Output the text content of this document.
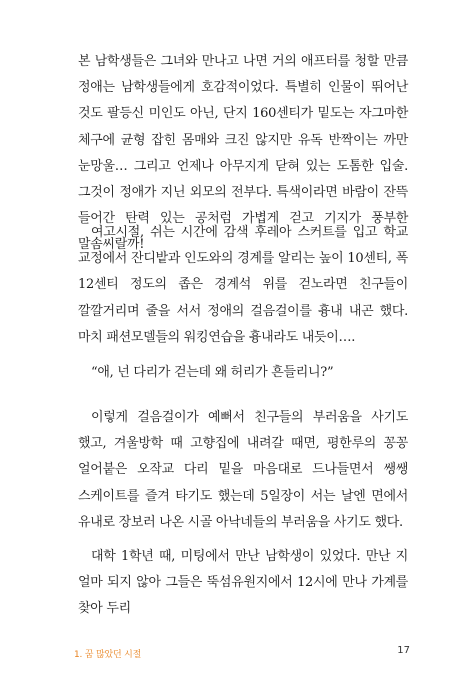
본 남학생들은 그녀와 만나고 나면 거의 애프터를 청할 만큼 정애는 남학생들에게 호감적이었다. 특별히 인물이 뛰어난 것도 팔등신 미인도 아닌, 단지 160센티가 밑도는 자그마한 체구에 균형 잡힌 몸매와 크진 않지만 유독 반짝이는 까만 눈망울… 그리고 언제나 아무지게 닫혀 있는 도톰한 입술. 그것이 정애가 지닌 외모의 전부다. 특색이라면 바람이 잔뜩 들어간 탄력 있는 공처럼 가볍게 걷고 기지가 풍부한 말솜씨랄까!

여고시절, 쉬는 시간에 감색 후레아 스커트를 입고 학교 교정에서 잔디밭과 인도와의 경계를 알리는 높이 10센티, 폭 12센티 정도의 좁은 경계석 위를 걷노라면 친구들이 깔깔거리며 줄을 서서 정애의 걸음걸이를 흉내 내곤 했다. 마치 패션모델들의 워킹연습을 흉내라도 내듯이….

“애, 넌 다리가 걷는데 왜 허리가 흔들리니?”

이렇게 걸음걸이가 예뻐서 친구들의 부러움을 사기도 했고, 겨울방학 때 고향집에 내려갈 때면, 평한루의 꽁꽁 얼어붙은 오작교 다리 밑을 마음대로 드나들면서 쌩쌩 스케이트를 즐겨 타기도 했는데 5일장이 서는 날엔 면에서 유내로 장보러 나온 시골 아낙네들의 부러움을 사기도 했다.

대학 1학년 때, 미팅에서 만난 남학생이 있었다. 만난 지 얼마 되지 않아 그들은 뚝섬유원지에서 12시에 만나 가계를 찾아 두리

1. 꿈 많았던 시절	17
